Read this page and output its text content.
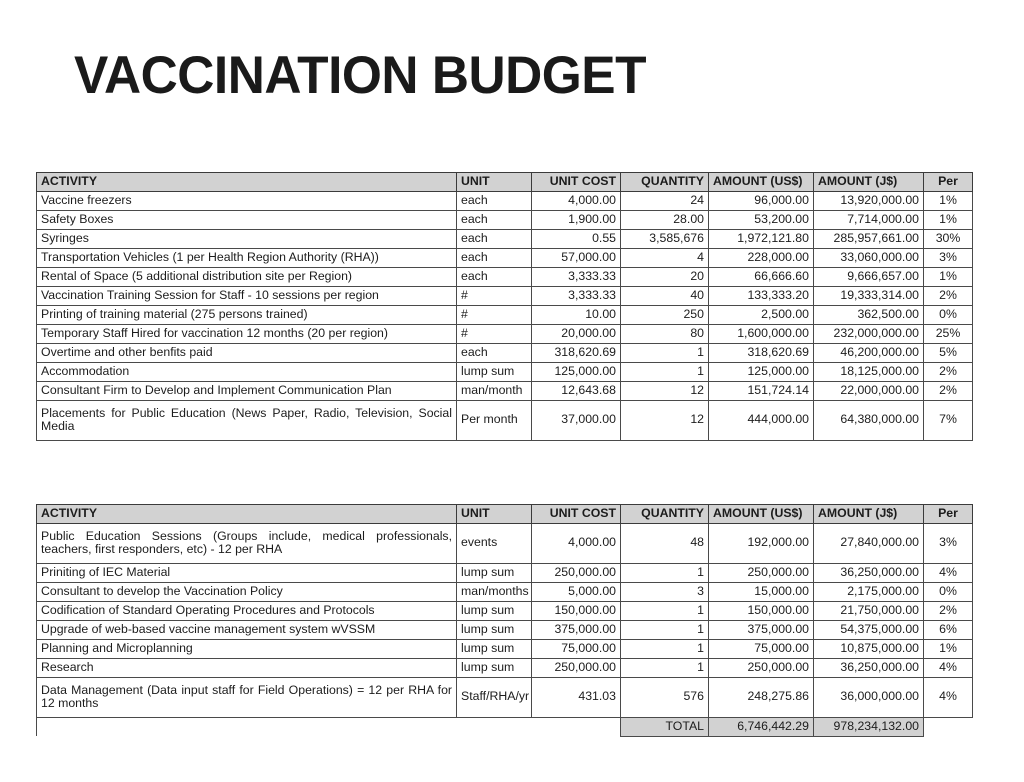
VACCINATION BUDGET
ACTIVITY	UNIT	UNIT COST	QUANTITY	AMOUNT (US$)	AMOUNT (J$)	Per
Vaccine freezers	each	4,000.00	24	96,000.00	13,920,000.00	1%
Safety Boxes	each	1,900.00	28.00	53,200.00	7,714,000.00	1%
Syringes	each	0.55	3,585,676	1,972,121.80	285,957,661.00	30%
Transportation Vehicles (1 per Health Region Authority (RHA))	each	57,000.00	4	228,000.00	33,060,000.00	3%
Rental of Space (5 additional distribution site per Region)	each	3,333.33	20	66,666.60	9,666,657.00	1%
Vaccination Training Session for Staff - 10 sessions per region	#	3,333.33	40	133,333.20	19,333,314.00	2%
Printing of training material (275 persons trained)	#	10.00	250	2,500.00	362,500.00	0%
Temporary Staff Hired for vaccination 12 months (20 per region)	#	20,000.00	80	1,600,000.00	232,000,000.00	25%
Overtime and other benfits paid	each	318,620.69	1	318,620.69	46,200,000.00	5%
Accommodation	lump sum	125,000.00	1	125,000.00	18,125,000.00	2%
Consultant Firm to Develop and Implement Communication Plan	man/month	12,643.68	12	151,724.14	22,000,000.00	2%
Placements for Public Education (News Paper, Radio, Television, Social Media	Per month	37,000.00	12	444,000.00	64,380,000.00	7%
ACTIVITY	UNIT	UNIT COST	QUANTITY	AMOUNT (US$)	AMOUNT (J$)	Per
Public Education Sessions (Groups include, medical professionals, teachers, first responders, etc) - 12 per RHA	events	4,000.00	48	192,000.00	27,840,000.00	3%
Priniting of IEC Material	lump sum	250,000.00	1	250,000.00	36,250,000.00	4%
Consultant to develop the Vaccination Policy	man/months	5,000.00	3	15,000.00	2,175,000.00	0%
Codification of Standard Operating Procedures and Protocols	lump sum	150,000.00	1	150,000.00	21,750,000.00	2%
Upgrade of web-based vaccine management system wVSSM	lump sum	375,000.00	1	375,000.00	54,375,000.00	6%
Planning and Microplanning	lump sum	75,000.00	1	75,000.00	10,875,000.00	1%
Research	lump sum	250,000.00	1	250,000.00	36,250,000.00	4%
Data Management (Data input staff for Field Operations) = 12 per RHA for 12 months	Staff/RHA/yr	431.03	576	248,275.86	36,000,000.00	4%
			TOTAL	6,746,442.29	978,234,132.00	
